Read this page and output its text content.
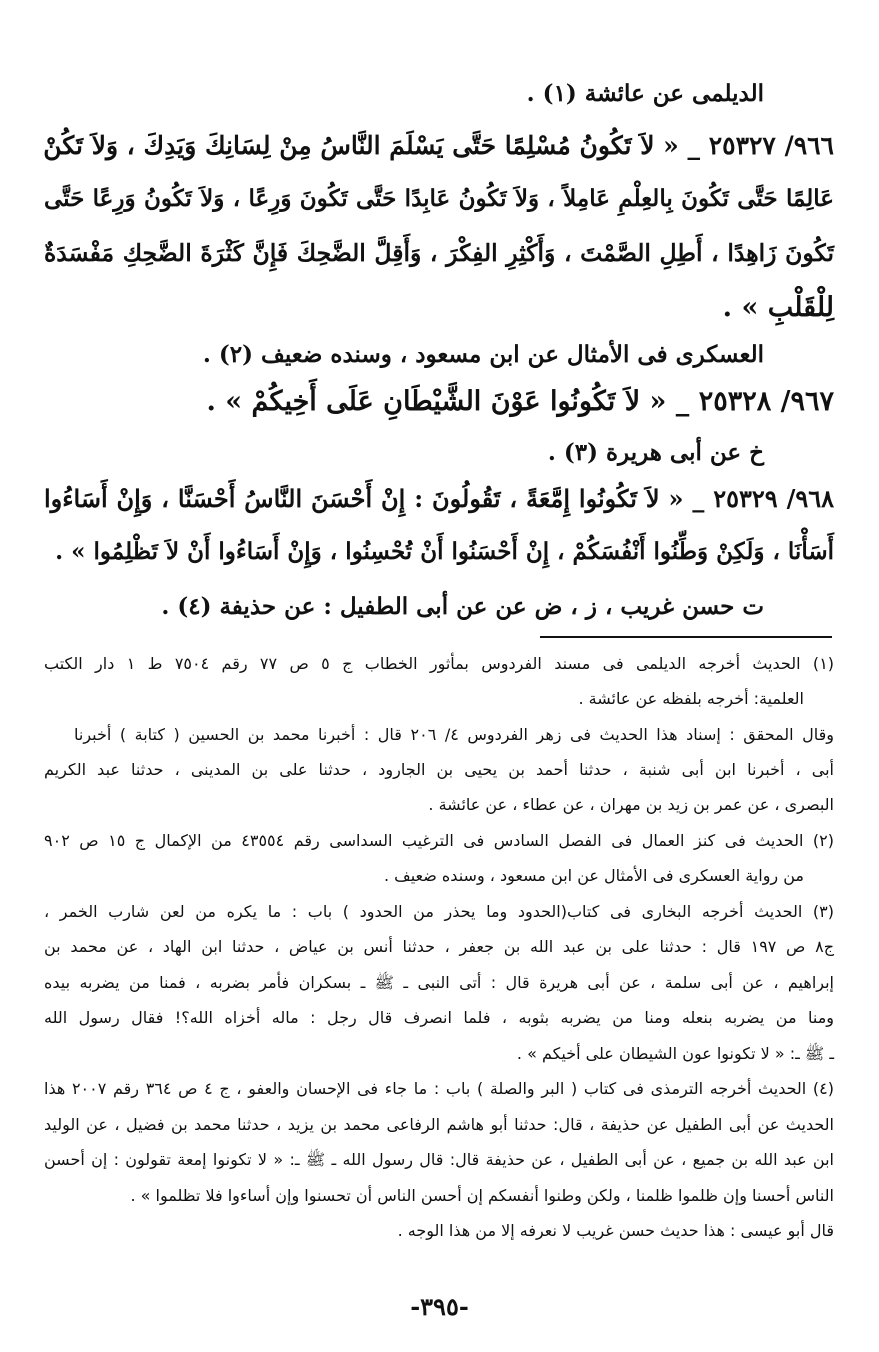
الديلمى عن عائشة (١) .
٩٦٦/ ٢٥٣٢٧ _ « لاَ تَكُونُ مُسْلِمًا حَتَّى يَسْلَمَ النَّاسُ مِنْ لِسَانِكَ وَيَدِكَ ، وَلاَ تَكُنْ
عَالِمًا حَتَّى تَكُونَ بِالعِلْمِ عَامِلاً ، وَلاَ تَكُونُ عَابِدًا حَتَّى تَكُونَ وَرِعًا ، وَلاَ تَكُونُ وَرِعًا حَتَّى
تَكُونَ زَاهِدًا ، أَطِلِ الصَّمْتَ ، وَأَكْثِرِ الفِكْرَ ، وَأَقِلَّ الضَّحِكَ فَإِنَّ كَثْرَةَ الضَّحِكِ مَفْسَدَةٌ
لِلْقَلْبِ » .
العسكرى فى الأمثال عن ابن مسعود ، وسنده ضعيف (٢) .
٩٦٧/ ٢٥٣٢٨ _ « لاَ تَكُونُوا عَوْنَ الشَّيْطَانِ عَلَى أَخِيكُمْ » .
خ عن أبى هريرة (٣) .
٩٦٨/ ٢٥٣٢٩ _ « لاَ تَكُونُوا إِمَّعَةً ، تَقُولُونَ : إِنْ أَحْسَنَ النَّاسُ أَحْسَنَّا ، وَإِنْ أَسَاءُوا
أَسَأْنَا ، وَلَكِنْ وَطِّنُوا أَنْفُسَكُمْ ، إِنْ أَحْسَنُوا أَنْ تُحْسِنُوا ، وَإِنْ أَسَاءُوا أَنْ لاَ تَظْلِمُوا » .
ت حسن غريب ، ز ، ض عن عن أبى الطفيل : عن حذيفة (٤) .
(١) الحديث أخرجه الديلمى فى مسند الفردوس بمأثور الخطاب ج ٥ ص ٧٧ رقم ٧٥٠٤ ط ١ دار الكتب
العلمية: أخرجه بلفظه عن عائشة .
وقال المحقق : إسناد هذا الحديث فى زهر الفردوس ٤/ ٢٠٦ قال : أخبرنا محمد بن الحسين ( كتابة ) أخبرنا
أبى ، أخبرنا ابن أبى شنبة ، حدثنا أحمد بن يحيى بن الجارود ، حدثنا على بن المدينى ، حدثنا عبد الكريم
البصرى ، عن عمر بن زيد بن مهران ، عن عطاء ، عن عائشة .
(٢) الحديث فى كنز العمال فى الفصل السادس فى الترغيب السداسى رقم ٤٣٥٥٤ من الإكمال ج ١٥ ص ٩٠٢
من رواية العسكرى فى الأمثال عن ابن مسعود ، وسنده ضعيف .
(٣) الحديث أخرجه البخارى فى كتاب(الحدود وما يحذر من الحدود ) باب : ما يكره من لعن شارب الخمر ،
ج٨ ص ١٩٧ قال : حدثنا على بن عبد الله بن جعفر ، حدثنا أنس بن عياض ، حدثنا ابن الهاد ، عن محمد بن
إبراهيم ، عن أبى سلمة ، عن أبى هريرة قال : أتى النبى ـ ﷺ ـ بسكران فأمر بضربه ، فمنا من يضربه بيده
ومنا من يضربه بنعله ومنا من يضربه بثوبه ، فلما انصرف قال رجل : ماله أخزاه الله؟! فقال رسول الله
ـ ﷺ ـ: « لا تكونوا عون الشيطان على أخيكم » .
(٤) الحديث أخرجه الترمذى فى كتاب ( البر والصلة ) باب : ما جاء فى الإحسان والعفو ، ج ٤ ص ٣٦٤ رقم ٢٠٠٧ هذا
الحديث عن أبى الطفيل عن حذيفة ، قال: حدثنا أبو هاشم الرفاعى محمد بن يزيد ، حدثنا محمد بن فضيل ، عن الوليد
ابن عبد الله بن جميع ، عن أبى الطفيل ، عن حذيفة قال: قال رسول الله ـ ﷺ ـ: « لا تكونوا إمعة تقولون : إن أحسن
الناس أحسنا وإن ظلموا ظلمنا ، ولكن وطنوا أنفسكم إن أحسن الناس أن تحسنوا وإن أساءوا فلا تظلموا » .
قال أبو عيسى : هذا حديث حسن غريب لا نعرفه إلا من هذا الوجه .
-٣٩٥-
